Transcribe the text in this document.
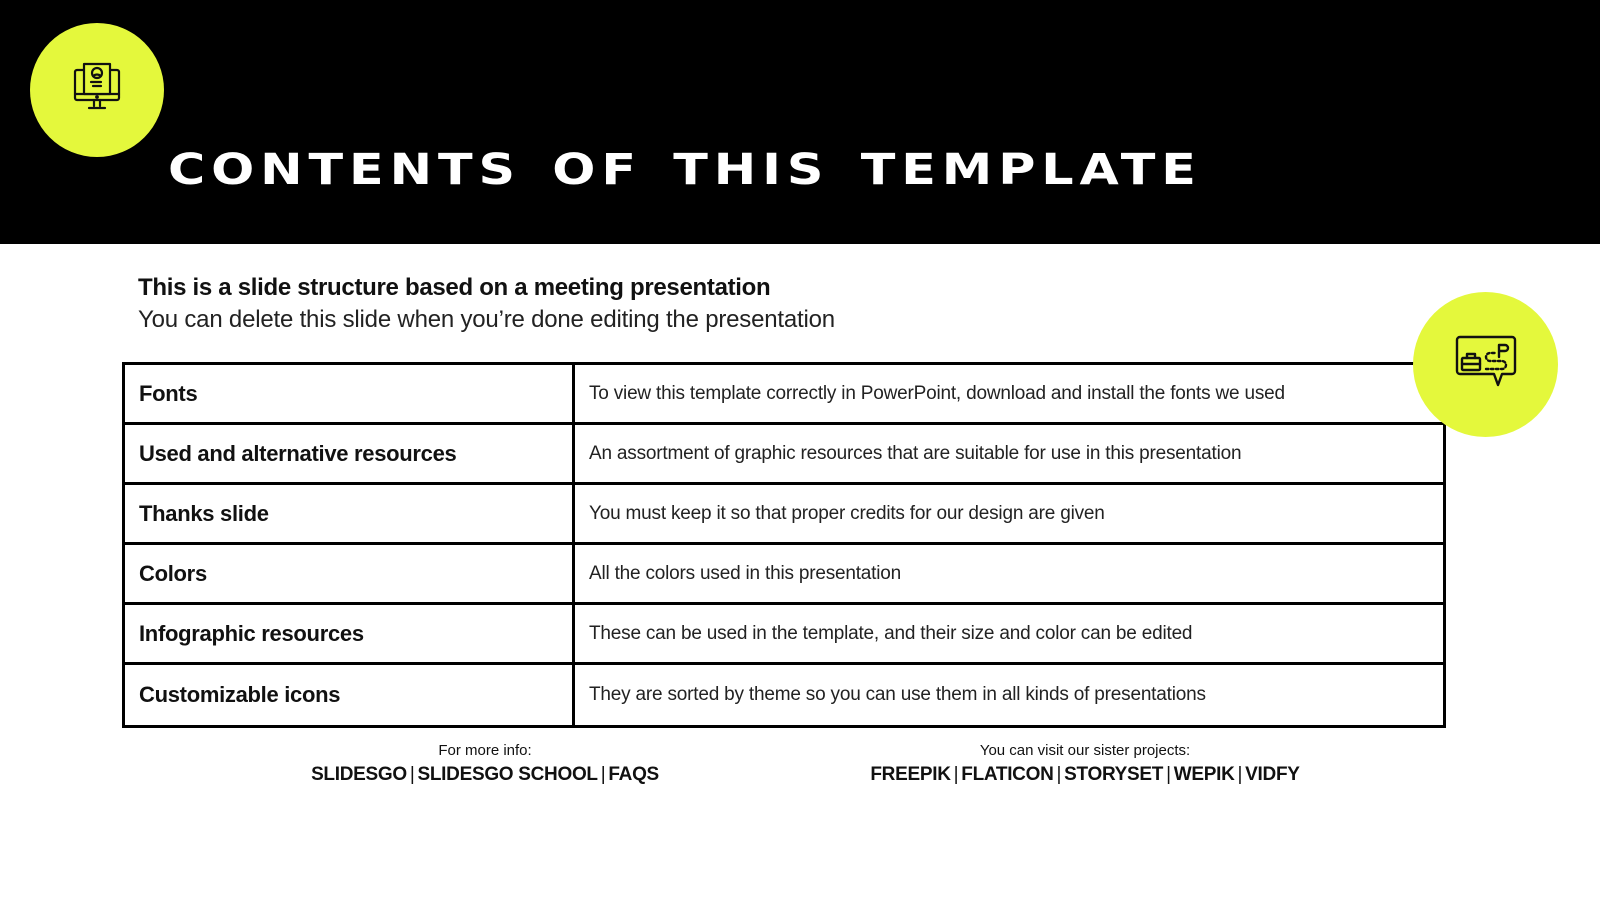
contents of this template
This is a slide structure based on a meeting presentation
You can delete this slide when you’re done editing the presentation
Fonts	To view this template correctly in PowerPoint, download and install the fonts we used
Used and alternative resources	An assortment of graphic resources that are suitable for use in this presentation
Thanks slide	You must keep it so that proper credits for our design are given
Colors	All the colors used in this presentation
Infographic resources	These can be used in the template, and their size and color can be edited
Customizable icons	They are sorted by theme so you can use them in all kinds of presentations
For more info:
SLIDESGO | SLIDESGO SCHOOL | FAQS
You can visit our sister projects:
FREEPIK | FLATICON | STORYSET | WEPIK | VIDFY
